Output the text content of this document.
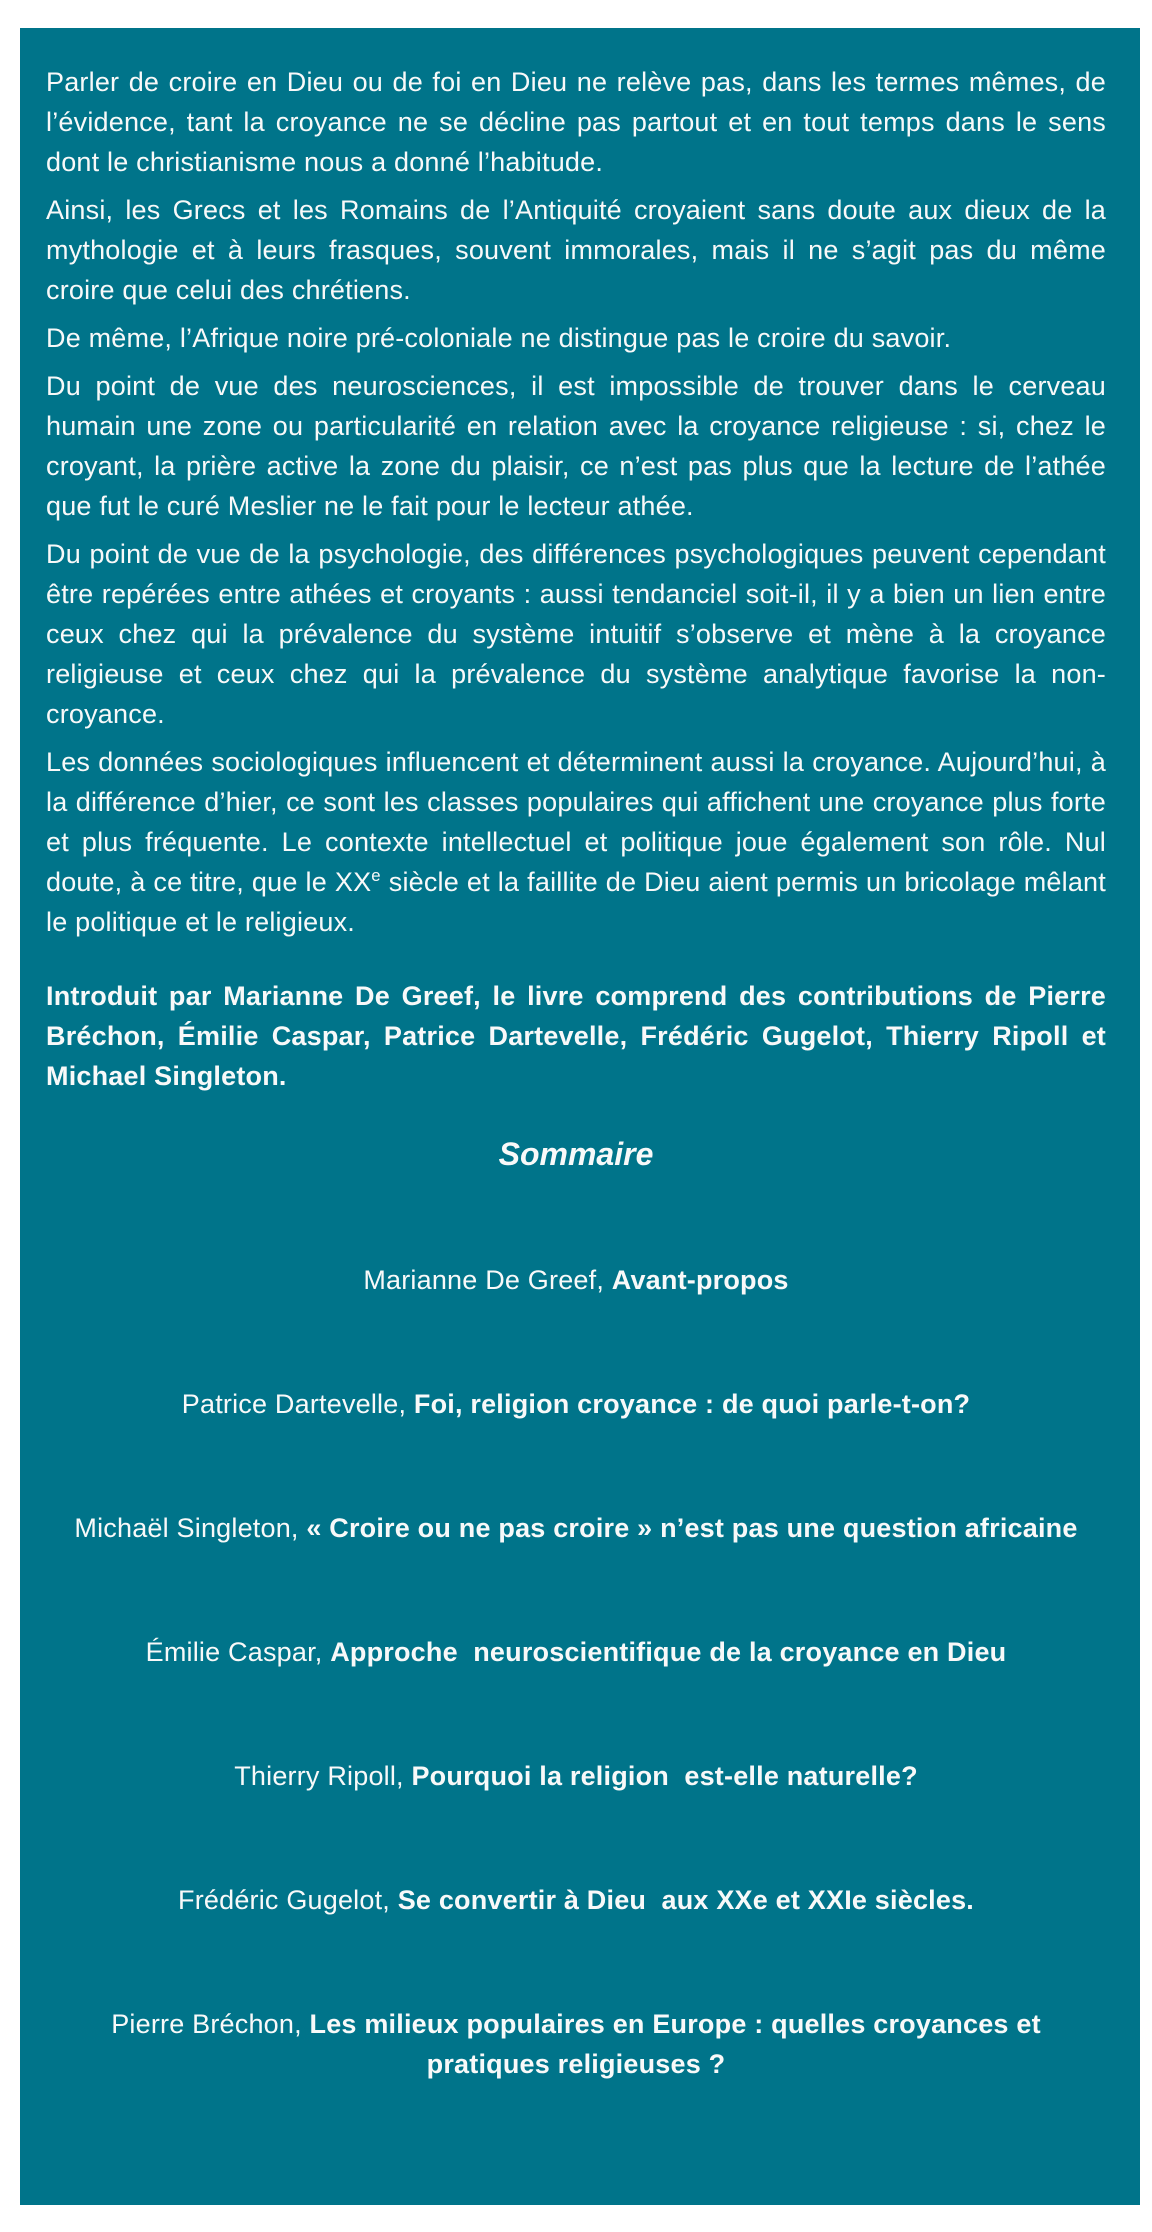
Parler de croire en Dieu ou de foi en Dieu ne relève pas, dans les termes mêmes, de l’évidence, tant la croyance ne se décline pas partout et en tout temps dans le sens dont le christianisme nous a donné l’habitude.

Ainsi, les Grecs et les Romains de l’Antiquité croyaient sans doute aux dieux de la mythologie et à leurs frasques, souvent immorales, mais il ne s’agit pas du même croire que celui des chrétiens.

De même, l’Afrique noire pré-coloniale ne distingue pas le croire du savoir.

Du point de vue des neurosciences, il est impossible de trouver dans le cerveau humain une zone ou particularité en relation avec la croyance religieuse : si, chez le croyant, la prière active la zone du plaisir, ce n’est pas plus que la lecture de l’athée que fut le curé Meslier ne le fait pour le lecteur athée.

Du point de vue de la psychologie, des différences psychologiques peuvent cependant être repérées entre athées et croyants : aussi tendanciel soit-il, il y a bien un lien entre ceux chez qui la prévalence du système intuitif s’observe et mène à la croyance religieuse et ceux chez qui la prévalence du système analytique favorise la non-croyance.

Les données sociologiques influencent et déterminent aussi la croyance. Aujourd’hui, à la différence d’hier, ce sont les classes populaires qui affichent une croyance plus forte et plus fréquente. Le contexte intellectuel et politique joue également son rôle. Nul doute, à ce titre, que le XXe siècle et la faillite de Dieu aient permis un bricolage mêlant le politique et le religieux.

Introduit par Marianne De Greef, le livre comprend des contributions de Pierre Bréchon, Émilie Caspar, Patrice Dartevelle, Frédéric Gugelot, Thierry Ripoll et Michael Singleton.

Sommaire
Marianne De Greef, Avant-propos
Patrice Dartevelle, Foi, religion croyance : de quoi parle-t-on?
Michaël Singleton, « Croire ou ne pas croire » n’est pas une question africaine
Émilie Caspar, Approche  neuroscientifique de la croyance en Dieu
Thierry Ripoll, Pourquoi la religion  est-elle naturelle?
Frédéric Gugelot, Se convertir à Dieu  aux XXe et XXIe siècles.
Pierre Bréchon, Les milieux populaires en Europe : quelles croyances et pratiques religieuses ?
